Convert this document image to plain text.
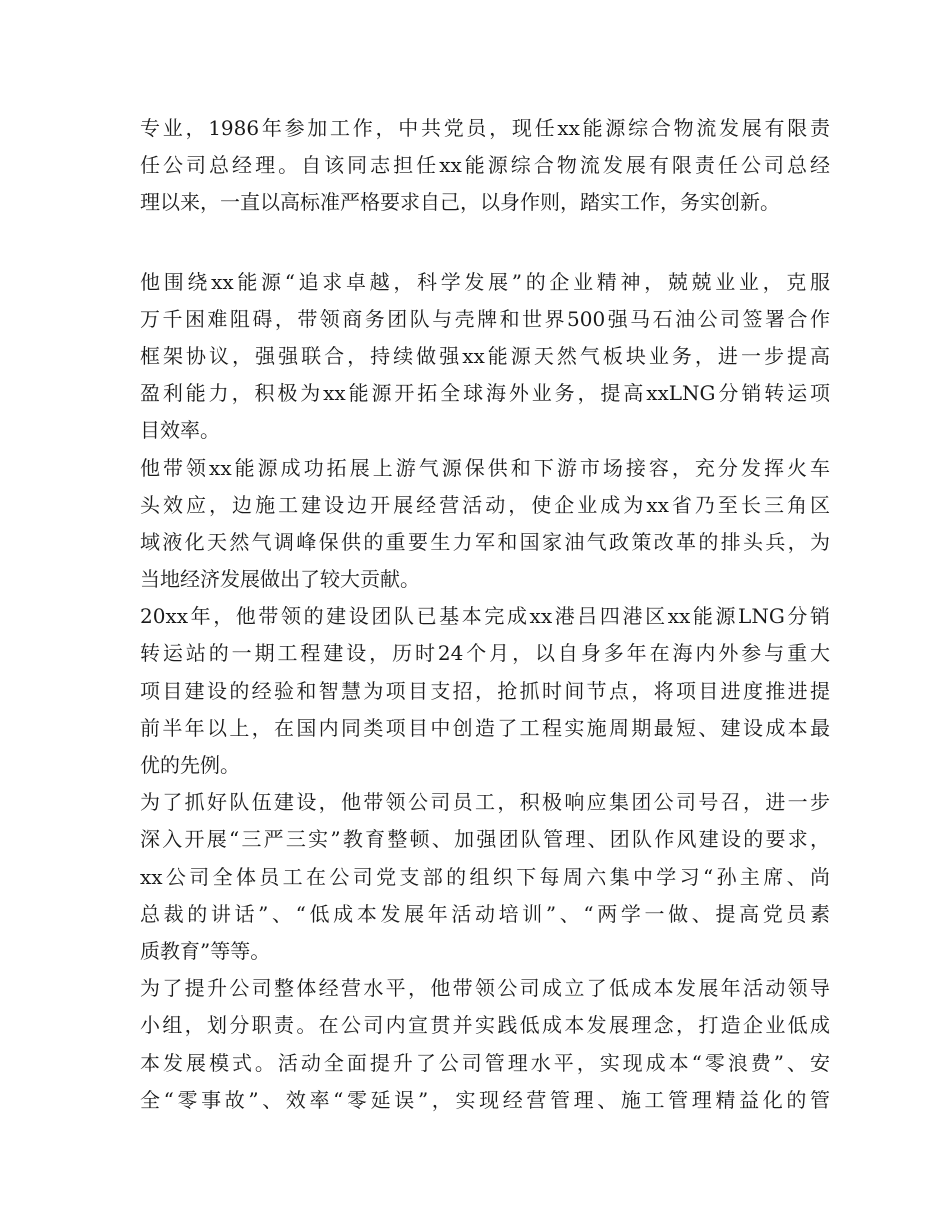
专业，1986年参加工作，中共党员，现任xx能源综合物流发展有限责
任公司总经理。自该同志担任xx能源综合物流发展有限责任公司总经
理以来，一直以高标准严格要求自己，以身作则，踏实工作，务实创新。
他围绕xx能源“追求卓越，科学发展”的企业精神，兢兢业业，克服
万千困难阻碍，带领商务团队与壳牌和世界500强马石油公司签署合作
框架协议，强强联合，持续做强xx能源天然气板块业务，进一步提高
盈利能力，积极为xx能源开拓全球海外业务，提高xxLNG分销转运项
目效率。
他带领xx能源成功拓展上游气源保供和下游市场接容，充分发挥火车
头效应，边施工建设边开展经营活动，使企业成为xx省乃至长三角区
域液化天然气调峰保供的重要生力军和国家油气政策改革的排头兵，为
当地经济发展做出了较大贡献。
20xx年，他带领的建设团队已基本完成xx港吕四港区xx能源LNG分销
转运站的一期工程建设，历时24个月，以自身多年在海内外参与重大
项目建设的经验和智慧为项目支招，抢抓时间节点，将项目进度推进提
前半年以上，在国内同类项目中创造了工程实施周期最短、建设成本最
优的先例。
为了抓好队伍建设，他带领公司员工，积极响应集团公司号召，进一步
深入开展“三严三实”教育整顿、加强团队管理、团队作风建设的要求，
xx公司全体员工在公司党支部的组织下每周六集中学习“孙主席、尚
总裁的讲话”、“低成本发展年活动培训”、“两学一做、提高党员素
质教育”等等。
为了提升公司整体经营水平，他带领公司成立了低成本发展年活动领导
小组，划分职责。在公司内宣贯并实践低成本发展理念，打造企业低成
本发展模式。活动全面提升了公司管理水平，实现成本“零浪费”、安
全“零事故”、效率“零延误”，实现经营管理、施工管理精益化的管
